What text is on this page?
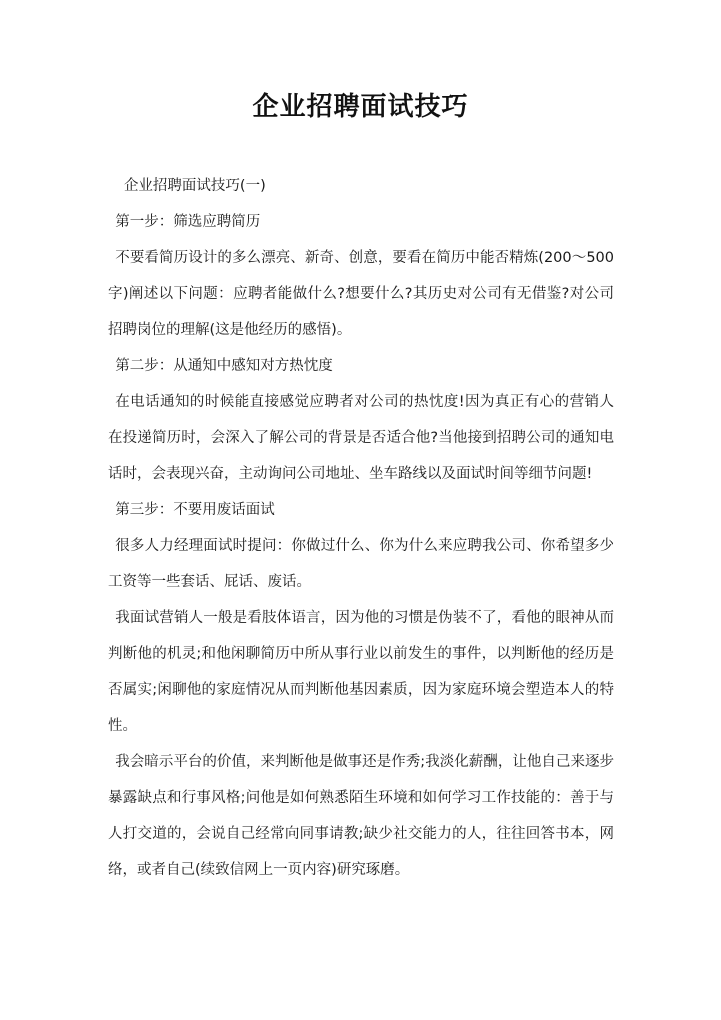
企业招聘面试技巧

企业招聘面试技巧(一)

第一步：筛选应聘简历

不要看简历设计的多么漂亮、新奇、创意，要看在简历中能否精炼(200～500字)阐述以下问题：应聘者能做什么?想要什么?其历史对公司有无借鉴?对公司招聘岗位的理解(这是他经历的感悟)。

第二步：从通知中感知对方热忱度

在电话通知的时候能直接感觉应聘者对公司的热忱度!因为真正有心的营销人在投递简历时，会深入了解公司的背景是否适合他?当他接到招聘公司的通知电话时，会表现兴奋，主动询问公司地址、坐车路线以及面试时间等细节问题!

第三步：不要用废话面试

很多人力经理面试时提问：你做过什么、你为什么来应聘我公司、你希望多少工资等一些套话、屁话、废话。

我面试营销人一般是看肢体语言，因为他的习惯是伪装不了，看他的眼神从而判断他的机灵;和他闲聊简历中所从事行业以前发生的事件，以判断他的经历是否属实;闲聊他的家庭情况从而判断他基因素质，因为家庭环境会塑造本人的特性。

我会暗示平台的价值，来判断他是做事还是作秀;我淡化薪酬，让他自己来逐步暴露缺点和行事风格;问他是如何熟悉陌生环境和如何学习工作技能的：善于与人打交道的，会说自己经常向同事请教;缺少社交能力的人，往往回答书本，网络，或者自己(续致信网上一页内容)研究琢磨。
